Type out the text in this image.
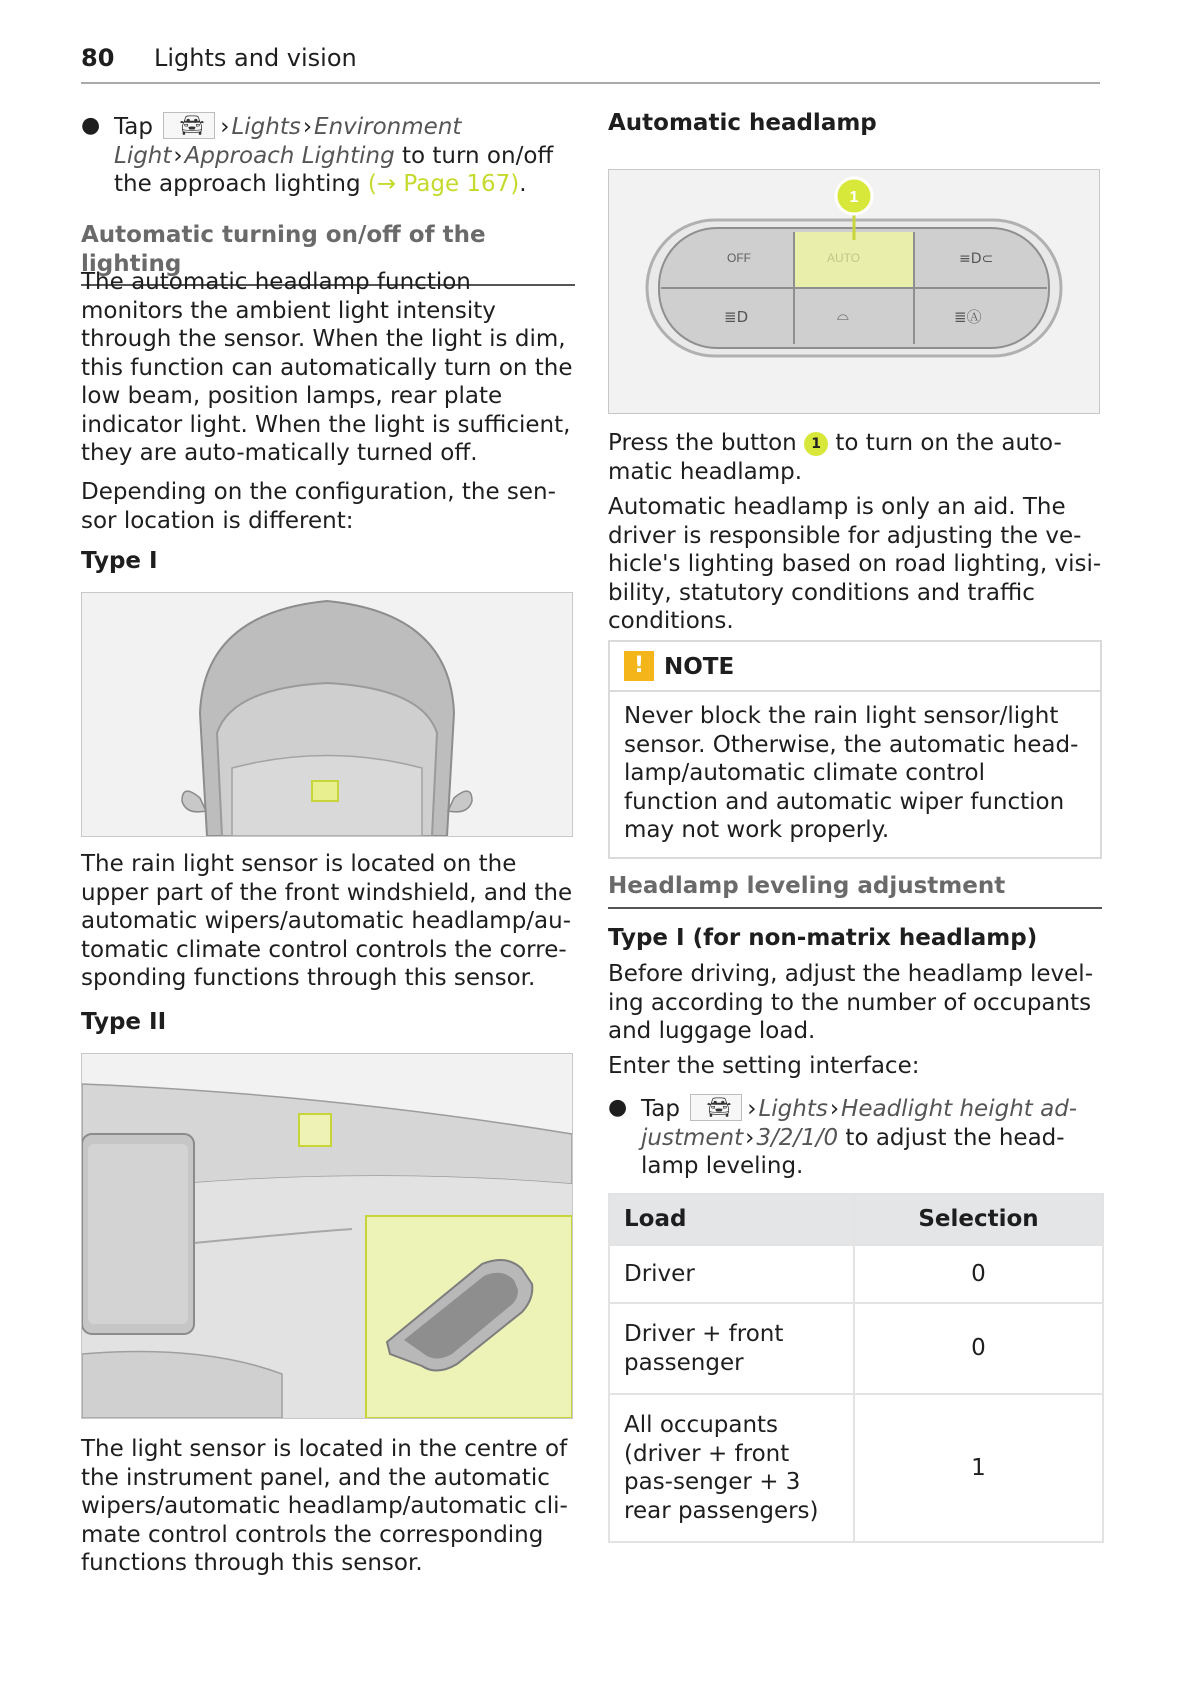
80 Lights and vision
● Tap 🚘︎ ›Lights›Environment Light›Approach Lighting to turn on/off the approach lighting (→ Page 167).
Automatic turning on/off of the lighting

The automatic headlamp function monitors the ambient light intensity through the sensor. When the light is dim, this function can automatically turn on the low beam, position lamps, rear plate indicator light. When the light is sufficient, they are auto-matically turned off.

Depending on the configuration, the sen-sor location is different:

Type I

The rain light sensor is located on the upper part of the front windshield, and the automatic wipers/automatic headlamp/au-tomatic climate control controls the corre-sponding functions through this sensor.

Type II

The light sensor is located in the centre of the instrument panel, and the automatic wipers/automatic headlamp/automatic cli-mate control controls the corresponding functions through this sensor.

Automatic headlamp
OFF	AUTO	≡D⊂
≣D	⌓	≣Ⓐ
1

Press the button 1 to turn on the auto-matic headlamp.

Automatic headlamp is only an aid. The driver is responsible for adjusting the ve-hicle's lighting based on road lighting, visi-bility, statutory conditions and traffic conditions.

! NOTE

Never block the rain light sensor/light sensor. Otherwise, the automatic head-lamp/automatic climate control function and automatic wiper function may not work properly.

Headlamp leveling adjustment
Type I (for non-matrix headlamp)

Before driving, adjust the headlamp level-ing according to the number of occupants and luggage load.

Enter the setting interface:

● Tap 🚘︎ ›Lights›Headlight height ad-justment›3/2/1/0 to adjust the head-lamp leveling.
Load	Selection
Driver	0
Driver + front passenger	0
All occupants (driver + front pas-senger + 3 rear passengers)	1
